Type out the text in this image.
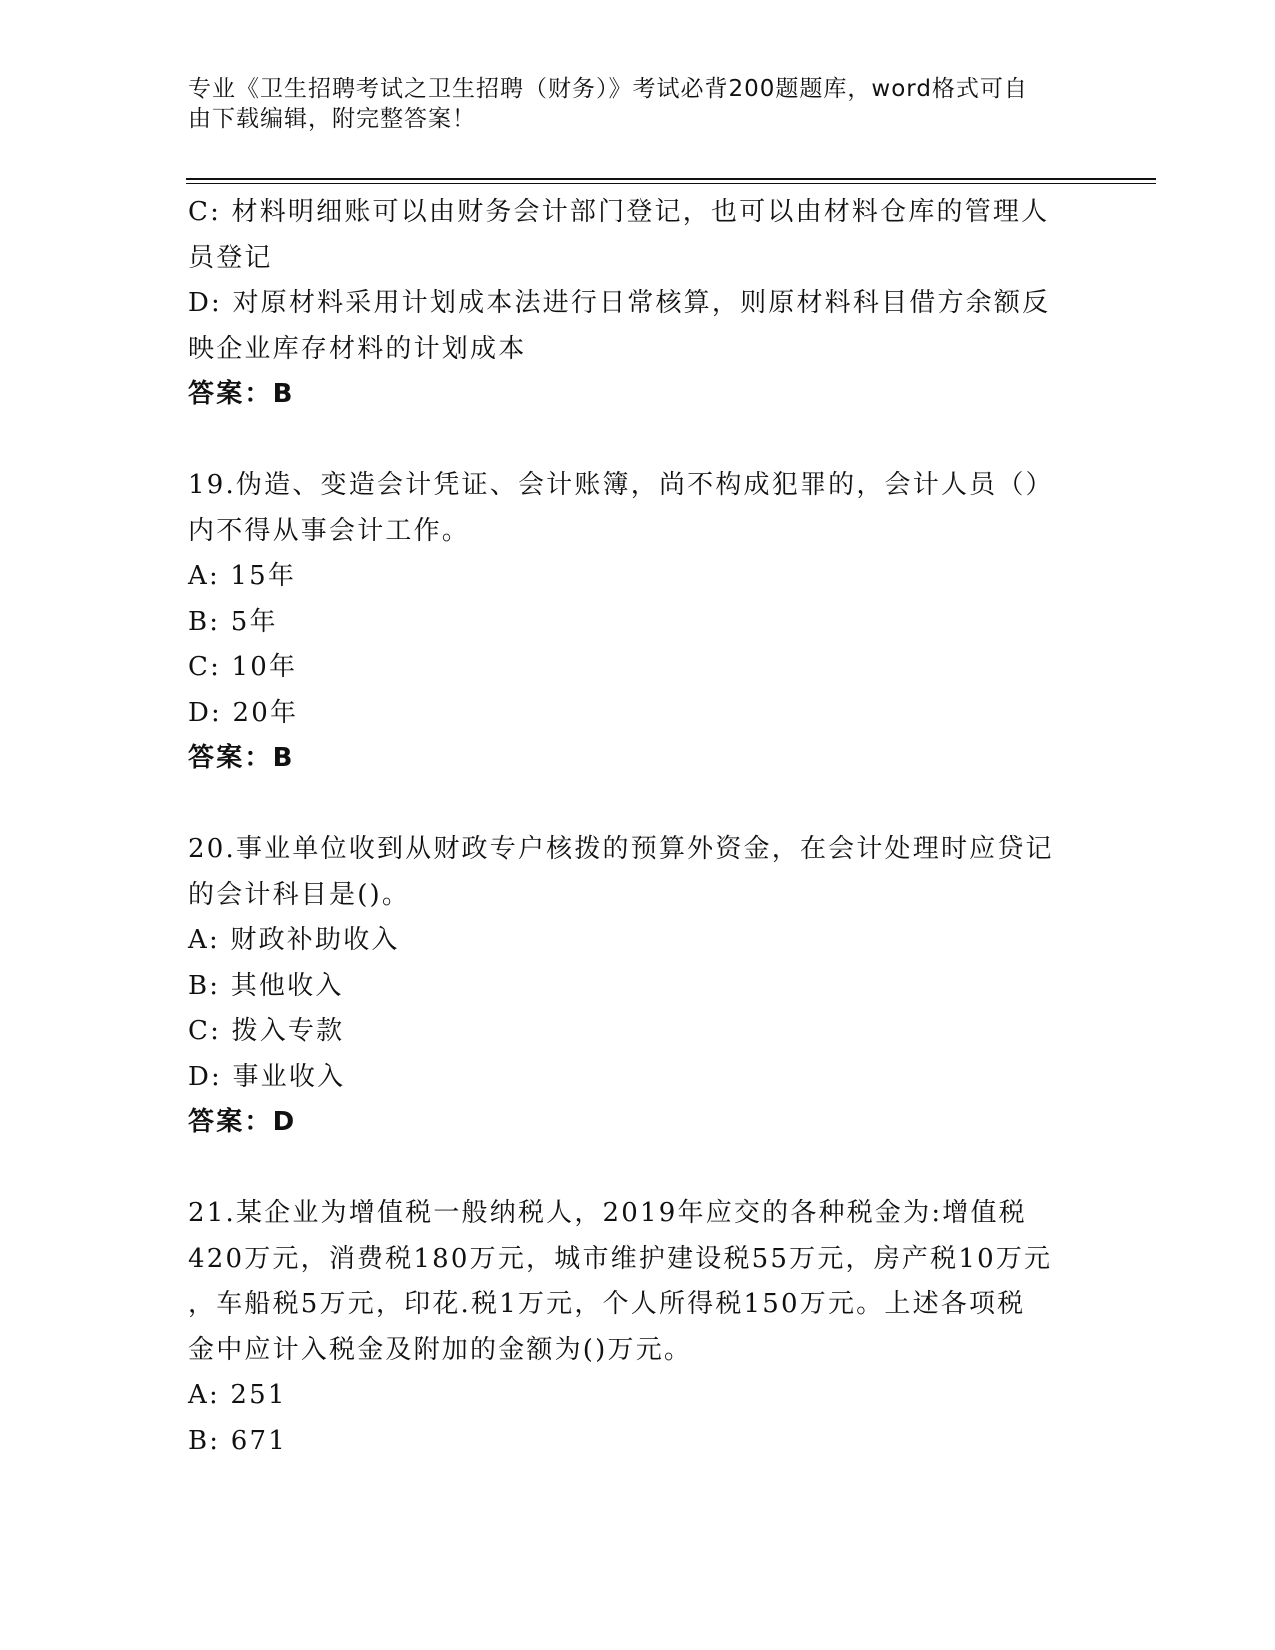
专业《卫生招聘考试之卫生招聘（财务）》考试必背200题题库，word格式可自
由下载编辑，附完整答案！
C: 材料明细账可以由财务会计部门登记，也可以由材料仓库的管理人
员登记
D: 对原材料采用计划成本法进行日常核算，则原材料科目借方余额反
映企业库存材料的计划成本
答案：B
19.伪造、变造会计凭证、会计账簿，尚不构成犯罪的，会计人员（）
内不得从事会计工作。
A: 15年
B: 5年
C: 10年
D: 20年
答案：B
20.事业单位收到从财政专户核拨的预算外资金，在会计处理时应贷记
的会计科目是()。
A: 财政补助收入
B: 其他收入
C: 拨入专款
D: 事业收入
答案：D
21.某企业为增值税一般纳税人，2019年应交的各种税金为:增值税
420万元，消费税180万元，城市维护建设税55万元，房产税10万元
，车船税5万元，印花.税1万元，个人所得税150万元。上述各项税
金中应计入税金及附加的金额为()万元。
A: 251
B: 671
